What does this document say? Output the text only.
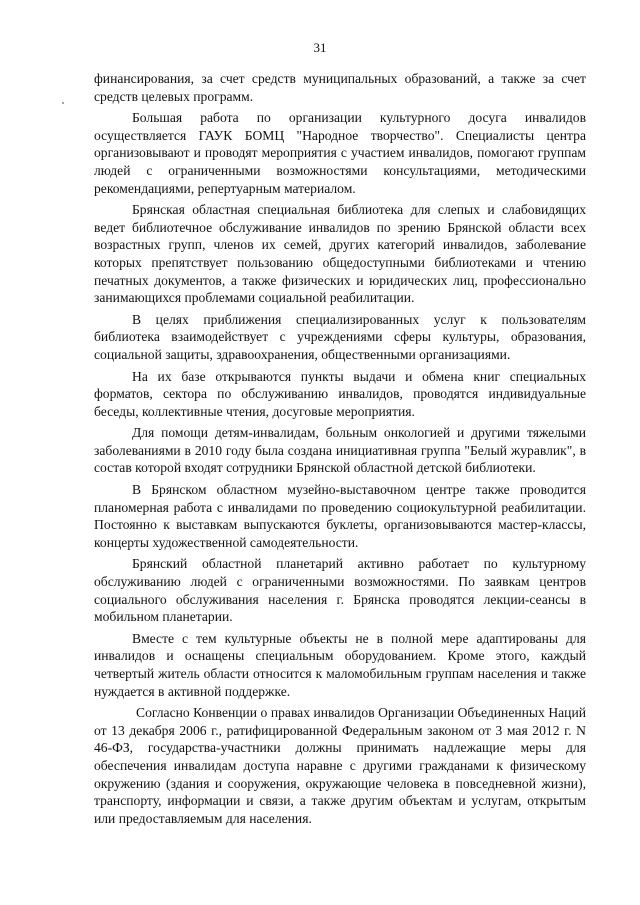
31

финансирования, за счет средств муниципальных образований, а также за счет средств целевых программ.

Большая работа по организации культурного досуга инвалидов осуществляется ГАУК БОМЦ "Народное творчество". Специалисты центра организовывают и проводят мероприятия с участием инвалидов, помогают группам людей с ограниченными возможностями консультациями, методическими рекомендациями, репертуарным материалом.

Брянская областная специальная библиотека для слепых и слабовидящих ведет библиотечное обслуживание инвалидов по зрению Брянской области всех возрастных групп, членов их семей, других категорий инвалидов, заболевание которых препятствует пользованию общедоступными библиотеками и чтению печатных документов, а также физических и юридических лиц, профессионально занимающихся проблемами социальной реабилитации.

В целях приближения специализированных услуг к пользователям библиотека взаимодействует с учреждениями сферы культуры, образования, социальной защиты, здравоохранения, общественными организациями.

На их базе открываются пункты выдачи и обмена книг специальных форматов, сектора по обслуживанию инвалидов, проводятся индивидуальные беседы, коллективные чтения, досуговые мероприятия.

Для помощи детям-инвалидам, больным онкологией и другими тяжелыми заболеваниями в 2010 году была создана инициативная группа "Белый журавлик", в состав которой входят сотрудники Брянской областной детской библиотеки.

В Брянском областном музейно-выставочном центре также проводится планомерная работа с инвалидами по проведению социокультурной реабилитации. Постоянно к выставкам выпускаются буклеты, организовываются мастер-классы, концерты художественной самодеятельности.

Брянский областной планетарий активно работает по культурному обслуживанию людей с ограниченными возможностями. По заявкам центров социального обслуживания населения г. Брянска проводятся лекции-сеансы в мобильном планетарии.

Вместе с тем культурные объекты не в полной мере адаптированы для инвалидов и оснащены специальным оборудованием. Кроме этого, каждый четвертый житель области относится к маломобильным группам населения и также нуждается в активной поддержке.

Согласно Конвенции о правах инвалидов Организации Объединенных Наций от 13 декабря 2006 г., ратифицированной Федеральным законом от 3 мая 2012 г. N 46-ФЗ, государства-участники должны принимать надлежащие меры для обеспечения инвалидам доступа наравне с другими гражданами к физическому окружению (здания и сооружения, окружающие человека в повседневной жизни), транспорту, информации и связи, а также другим объектам и услугам, открытым или предоставляемым для населения.
